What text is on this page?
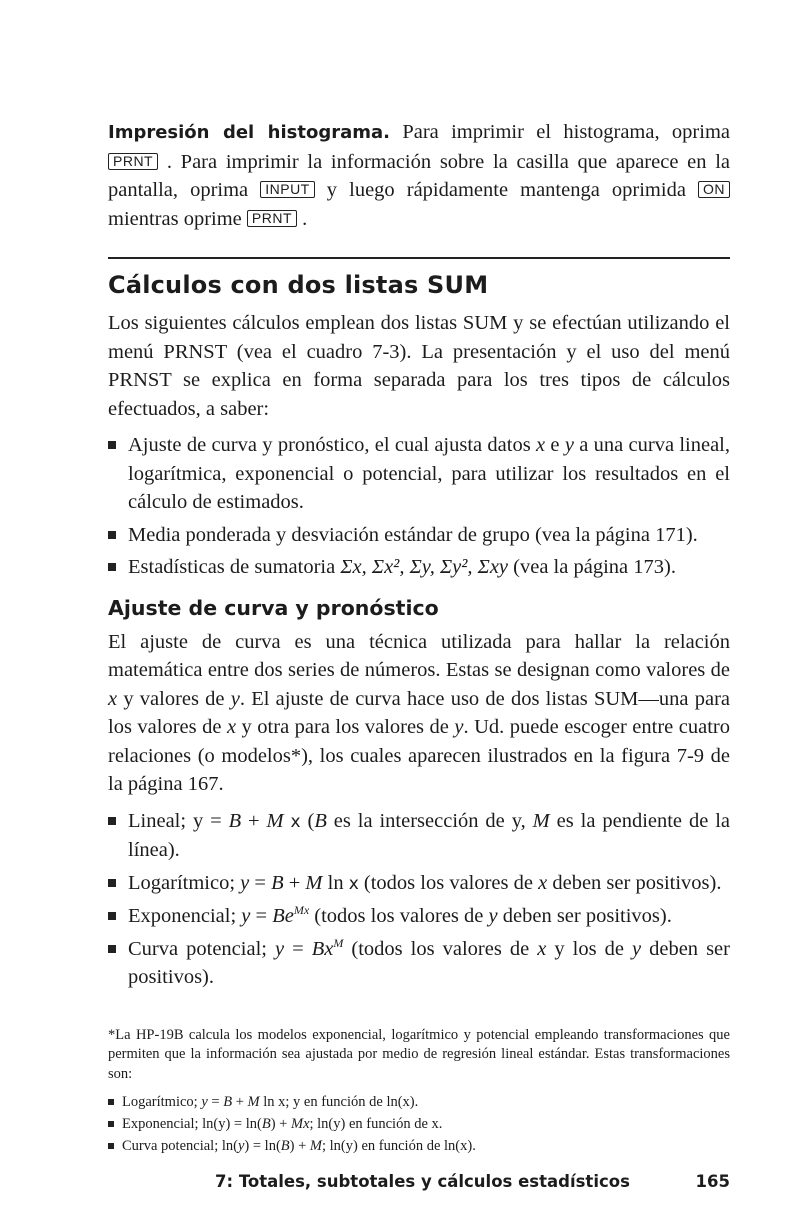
Impresión del histograma. Para imprimir el histograma, oprima PRNT . Para imprimir la información sobre la casilla que aparece en la pantalla, oprima INPUT y luego rápidamente mantenga oprimida ON mientras oprime PRNT .

Cálculos con dos listas SUM

Los siguientes cálculos emplean dos listas SUM y se efectúan utilizando el menú PRNST (vea el cuadro 7-3). La presentación y el uso del menú PRNST se explica en forma separada para los tres tipos de cálculos efectuados, a saber:

Ajuste de curva y pronóstico, el cual ajusta datos x e y a una curva lineal, logarítmica, exponencial o potencial, para utilizar los resultados en el cálculo de estimados.
Media ponderada y desviación estándar de grupo (vea la página 171).
Estadísticas de sumatoria Σx, Σx², Σy, Σy², Σxy (vea la página 173).
Ajuste de curva y pronóstico

El ajuste de curva es una técnica utilizada para hallar la relación matemática entre dos series de números. Estas se designan como valores de x y valores de y. El ajuste de curva hace uso de dos listas SUM—una para los valores de x y otra para los valores de y. Ud. puede escoger entre cuatro relaciones (o modelos*), los cuales aparecen ilustrados en la figura 7-9 de la página 167.

Lineal; y = B + M x (B es la intersección de y, M es la pendiente de la línea).
Logarítmico; y = B + M ln x (todos los valores de x deben ser positivos).
Exponencial; $y = Be^{Mx}$ (todos los valores de y deben ser positivos).
Curva potencial; $y = Bx^M$ (todos los valores de x y los de y deben ser positivos).

*La HP-19B calcula los modelos exponencial, logarítmico y potencial empleando transformaciones que permiten que la información sea ajustada por medio de regresión lineal estándar. Estas transformaciones son:

Logarítmico; y = B + M ln x; y en función de ln(x).
Exponencial; ln(y) = ln(B) + Mx; ln(y) en función de x.
Curva potencial; ln(y) = ln(B) + M; ln(y) en función de ln(x).
7: Totales, subtotales y cálculos estadísticos	165
